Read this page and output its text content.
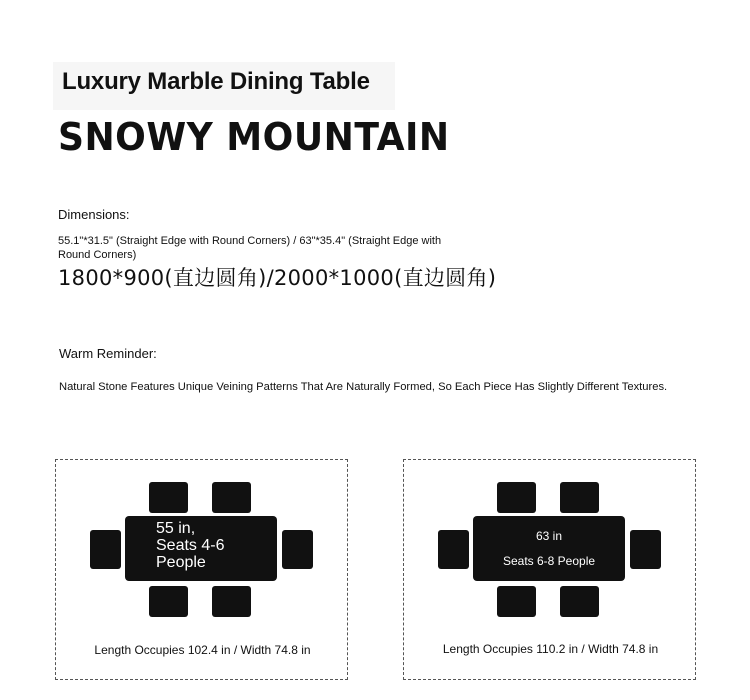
Luxury Marble Dining Table
SNOWY MOUNTAIN
Dimensions:
55.1"*31.5" (Straight Edge with Round Corners) / 63"*35.4" (Straight Edge with
Round Corners)
1800*900(直边圆角)/2000*1000(直边圆角)
Warm Reminder:
Natural Stone Features Unique Veining Patterns That Are Naturally Formed, So Each Piece Has Slightly Different Textures.
55 in,
Seats 4-6
People
Length Occupies 102.4 in / Width 74.8 in
63 in
Seats 6-8 People
Length Occupies 110.2 in / Width 74.8 in
